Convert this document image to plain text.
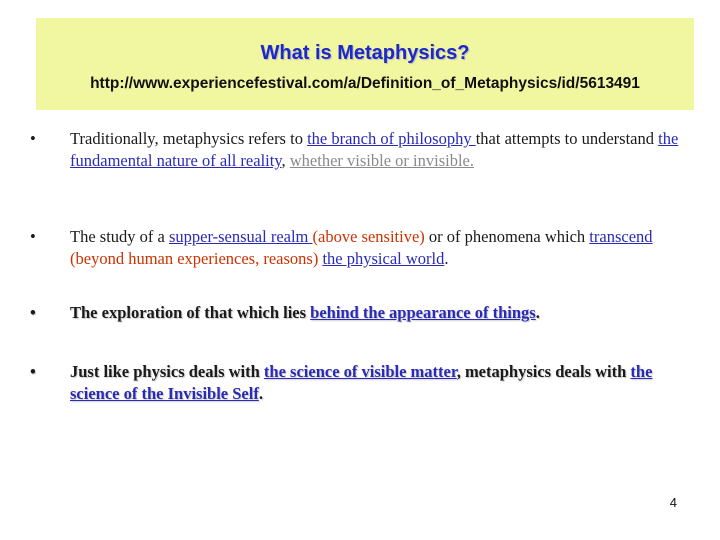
What is Metaphysics?
http://www.experiencefestival.com/a/Definition_of_Metaphysics/id/5613491
• Traditionally, metaphysics refers to the branch of philosophy that attempts to understand the fundamental nature of all reality, whether visible or invisible.
• The study of a supper-sensual realm (above sensitive) or of phenomena which transcend (beyond human experiences, reasons) the physical world.
• The exploration of that which lies behind the appearance of things.
• Just like physics deals with the science of visible matter, metaphysics deals with the science of the Invisible Self.
4
